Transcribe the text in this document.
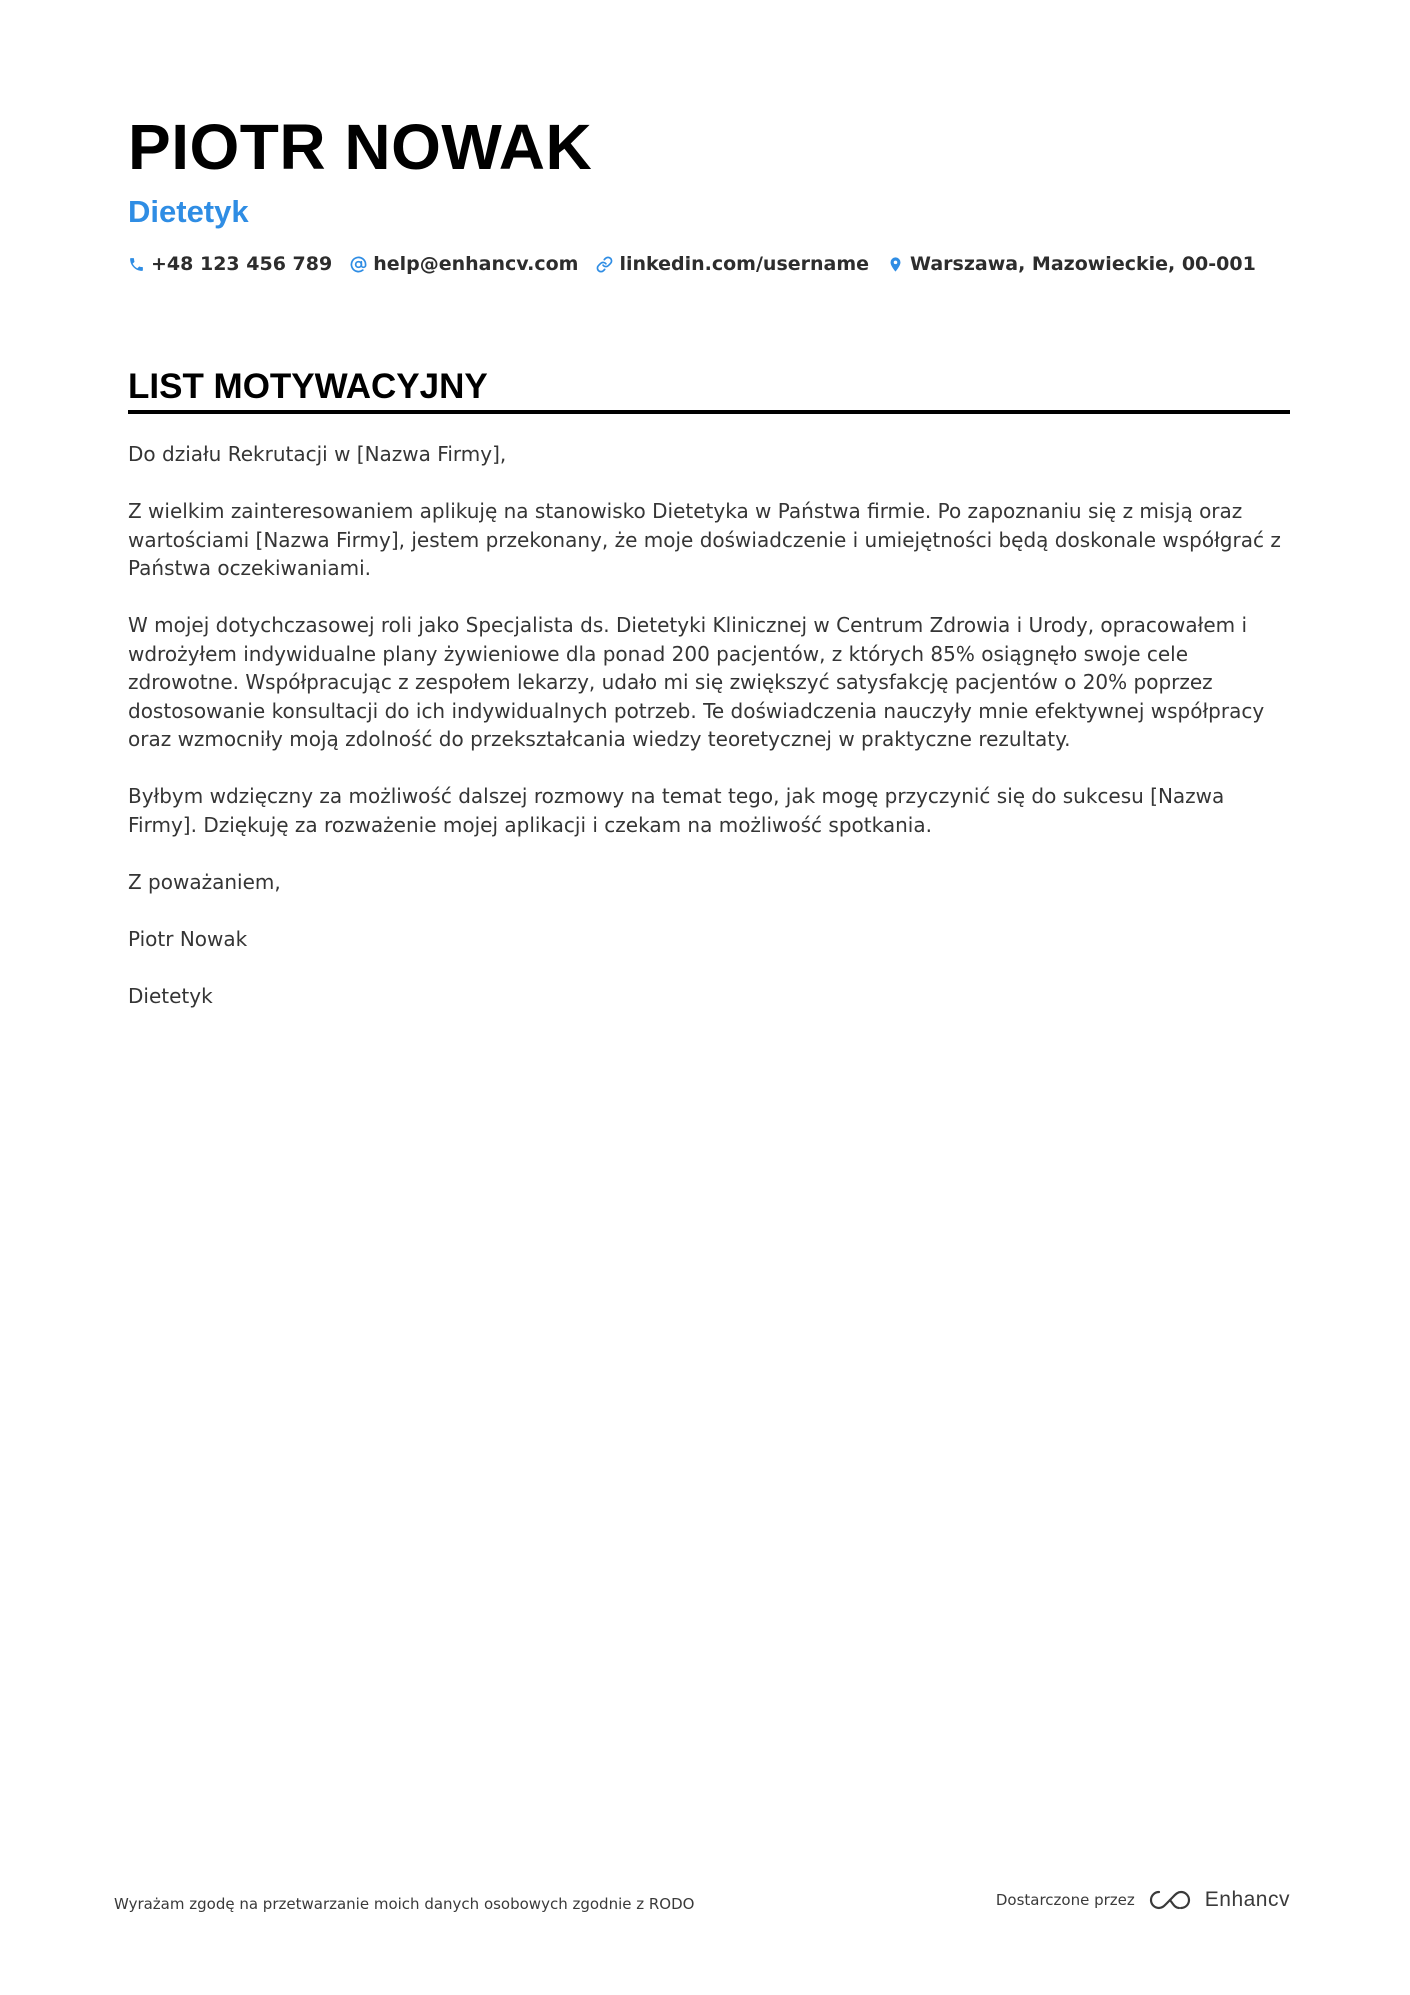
PIOTR NOWAK
Dietetyk
+48 123 456 789 help@enhancv.com linkedin.com/username Warszawa, Mazowieckie, 00-001
LIST MOTYWACYJNY

Do działu Rekrutacji w [Nazwa Firmy],

Z wielkim zainteresowaniem aplikuję na stanowisko Dietetyka w Państwa firmie. Po zapoznaniu się z misją oraz wartościami [Nazwa Firmy], jestem przekonany, że moje doświadczenie i umiejętności będą doskonale współgrać z Państwa oczekiwaniami.

W mojej dotychczasowej roli jako Specjalista ds. Dietetyki Klinicznej w Centrum Zdrowia i Urody, opracowałem i wdrożyłem indywidualne plany żywieniowe dla ponad 200 pacjentów, z których 85% osiągnęło swoje cele zdrowotne. Współpracując z zespołem lekarzy, udało mi się zwiększyć satysfakcję pacjentów o 20% poprzez dostosowanie konsultacji do ich indywidualnych potrzeb. Te doświadczenia nauczyły mnie efektywnej współpracy oraz wzmocniły moją zdolność do przekształcania wiedzy teoretycznej w praktyczne rezultaty.

Byłbym wdzięczny za możliwość dalszej rozmowy na temat tego, jak mogę przyczynić się do sukcesu [Nazwa Firmy]. Dziękuję za rozważenie mojej aplikacji i czekam na możliwość spotkania.

Z poważaniem,

Piotr Nowak

Dietetyk

Wyrażam zgodę na przetwarzanie moich danych osobowych zgodnie z RODO	Dostarczone przez	Enhancv
